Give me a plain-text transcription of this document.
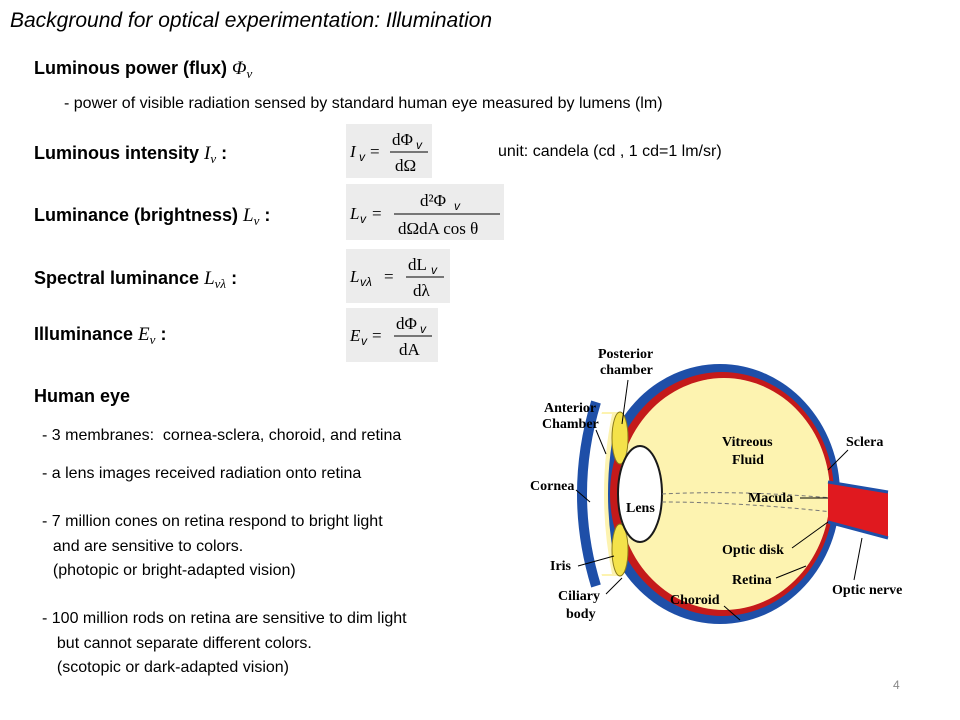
Background for optical experimentation: Illumination
Luminous power (flux) $\Phi_v$
- power of visible radiation sensed by standard human eye measured by lumens (lm)
Luminous intensity $I_v$ :	I v =
dΦ v
dΩ
unit: candela (cd , 1 cd=1 lm/sr)
Luminance (brightness) $L_v$ :	L v =
d²Φ v
dΩdA cos θ
Spectral luminance $L_{v\lambda}$ :	L vλ =
dL v
dλ
Illuminance $E_v$ :	E v =
dΦ v
dA
Human eye
- 3 membranes:  cornea-sclera, choroid, and retina
- a lens images received radiation onto retina
- 7 million cones on retina respond to bright light
and are sensitive to colors.
(photopic or bright-adapted vision)
- 100 million rods on retina are sensitive to dim light
but cannot separate different colors.
(scotopic or dark-adapted vision)
Posterior
chamber
Anterior
Chamber
Cornea
Lens
Iris
Ciliary
body
Vitreous
Fluid
Sclera
Macula
Optic disk
Retina
Choroid
Optic nerve
4
